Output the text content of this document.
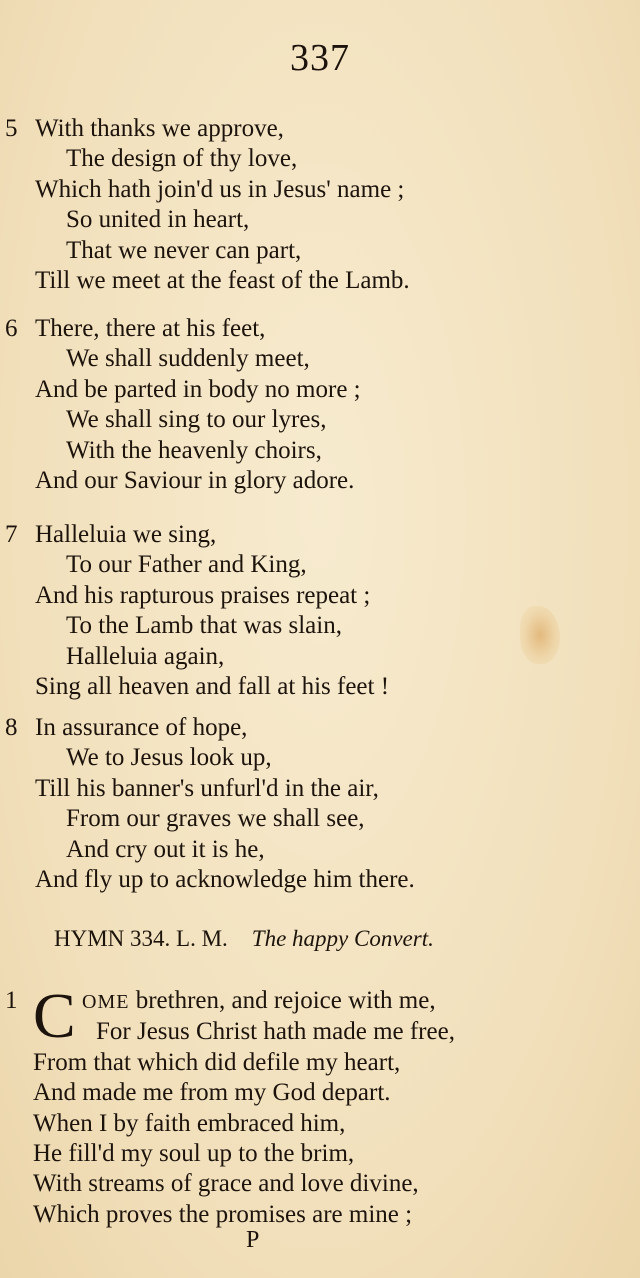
337
5 With thanks we approve,
The design of thy love,
Which hath join'd us in Jesus' name ;
So united in heart,
That we never can part,
Till we meet at the feast of the Lamb.
6 There, there at his feet,
We shall suddenly meet,
And be parted in body no more ;
We shall sing to our lyres,
With the heavenly choirs,
And our Saviour in glory adore.
7 Halleluia we sing,
To our Father and King,
And his rapturous praises repeat ;
To the Lamb that was slain,
Halleluia again,
Sing all heaven and fall at his feet !
8 In assurance of hope,
We to Jesus look up,
Till his banner's unfurl'd in the air,
From our graves we shall see,
And cry out it is he,
And fly up to acknowledge him there.
HYMN 334. L. M. The happy Convert.
1 C OME brethren, and rejoice with me,
For Jesus Christ hath made me free,
From that which did defile my heart,
And made me from my God depart.
When I by faith embraced him,
He fill'd my soul up to the brim,
With streams of grace and love divine,
Which proves the promises are mine ;
P
